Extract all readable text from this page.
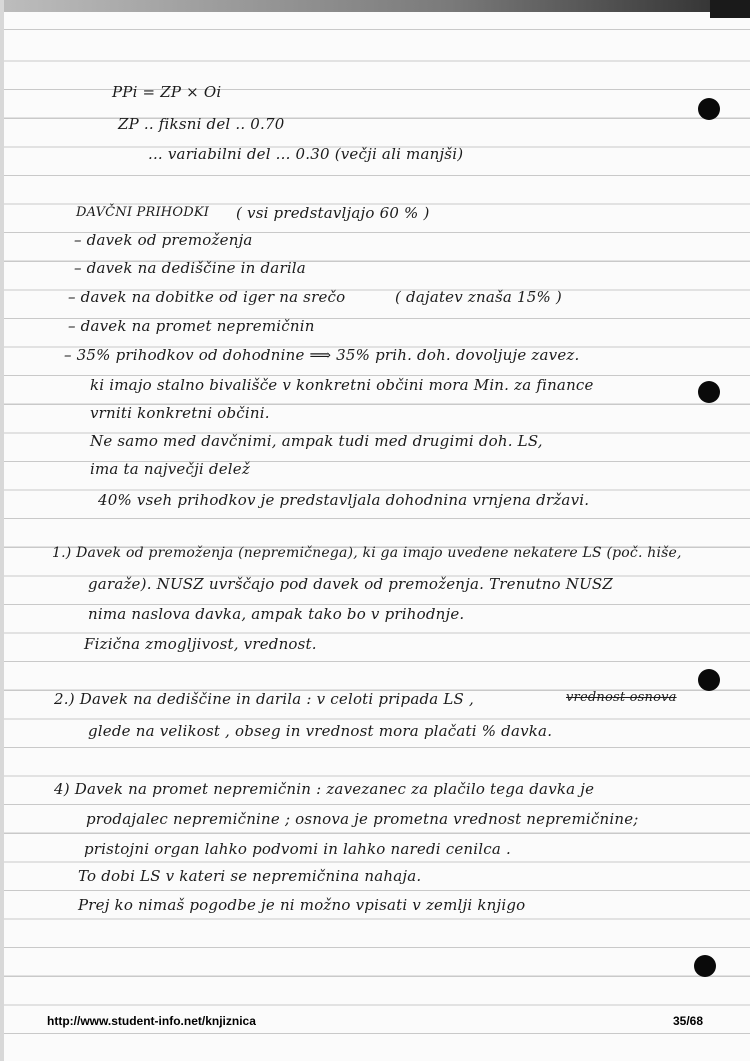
PPi = ZP × Oi

ZP .. fiksni del .. 0.70

... variabilni del ... 0.30 (večji ali manjši)

DAVČNI PRIHODKI ( vsi predstavljajo 60 % )

– davek od premoženja

– davek na dediščine in darila

– davek na dobitke od iger na srečo	( dajatev znaša 15% )

– davek na promet nepremičnin

– 35% prihodkov od dohodnine ⟹ 35% prih. doh. dovoljuje zavez.

ki imajo stalno bivališče v konkretni občini mora Min. za finance

vrniti konkretni občini.

Ne samo med davčnimi, ampak tudi med drugimi doh. LS,

ima ta največji delež

40% vseh prihodkov je predstavljala dohodnina vrnjena državi.

1.) Davek od premoženja (nepremičnega), ki ga imajo uvedene nekatere LS (poč. hiše,

garaže). NUSZ uvrščajo pod davek od premoženja. Trenutno NUSZ

nima naslova davka, ampak tako bo v prihodnje.

Fizična zmogljivost, vrednost.

2.) Davek na dediščine in darila : v celoti pripada LS ,	vrednost osnova

glede na velikost , obseg in vrednost mora plačati % davka.

4) Davek na promet nepremičnin : zavezanec za plačilo tega davka je

prodajalec nepremičnine ; osnova je prometna vrednost nepremičnine;

pristojni organ lahko podvomi in lahko naredi cenilca .

To dobi LS v kateri se nepremičnina nahaja.

Prej ko nimaš pogodbe je ni možno vpisati v zemlji knjigo

http://www.student-info.net/knjiznica	35/68
